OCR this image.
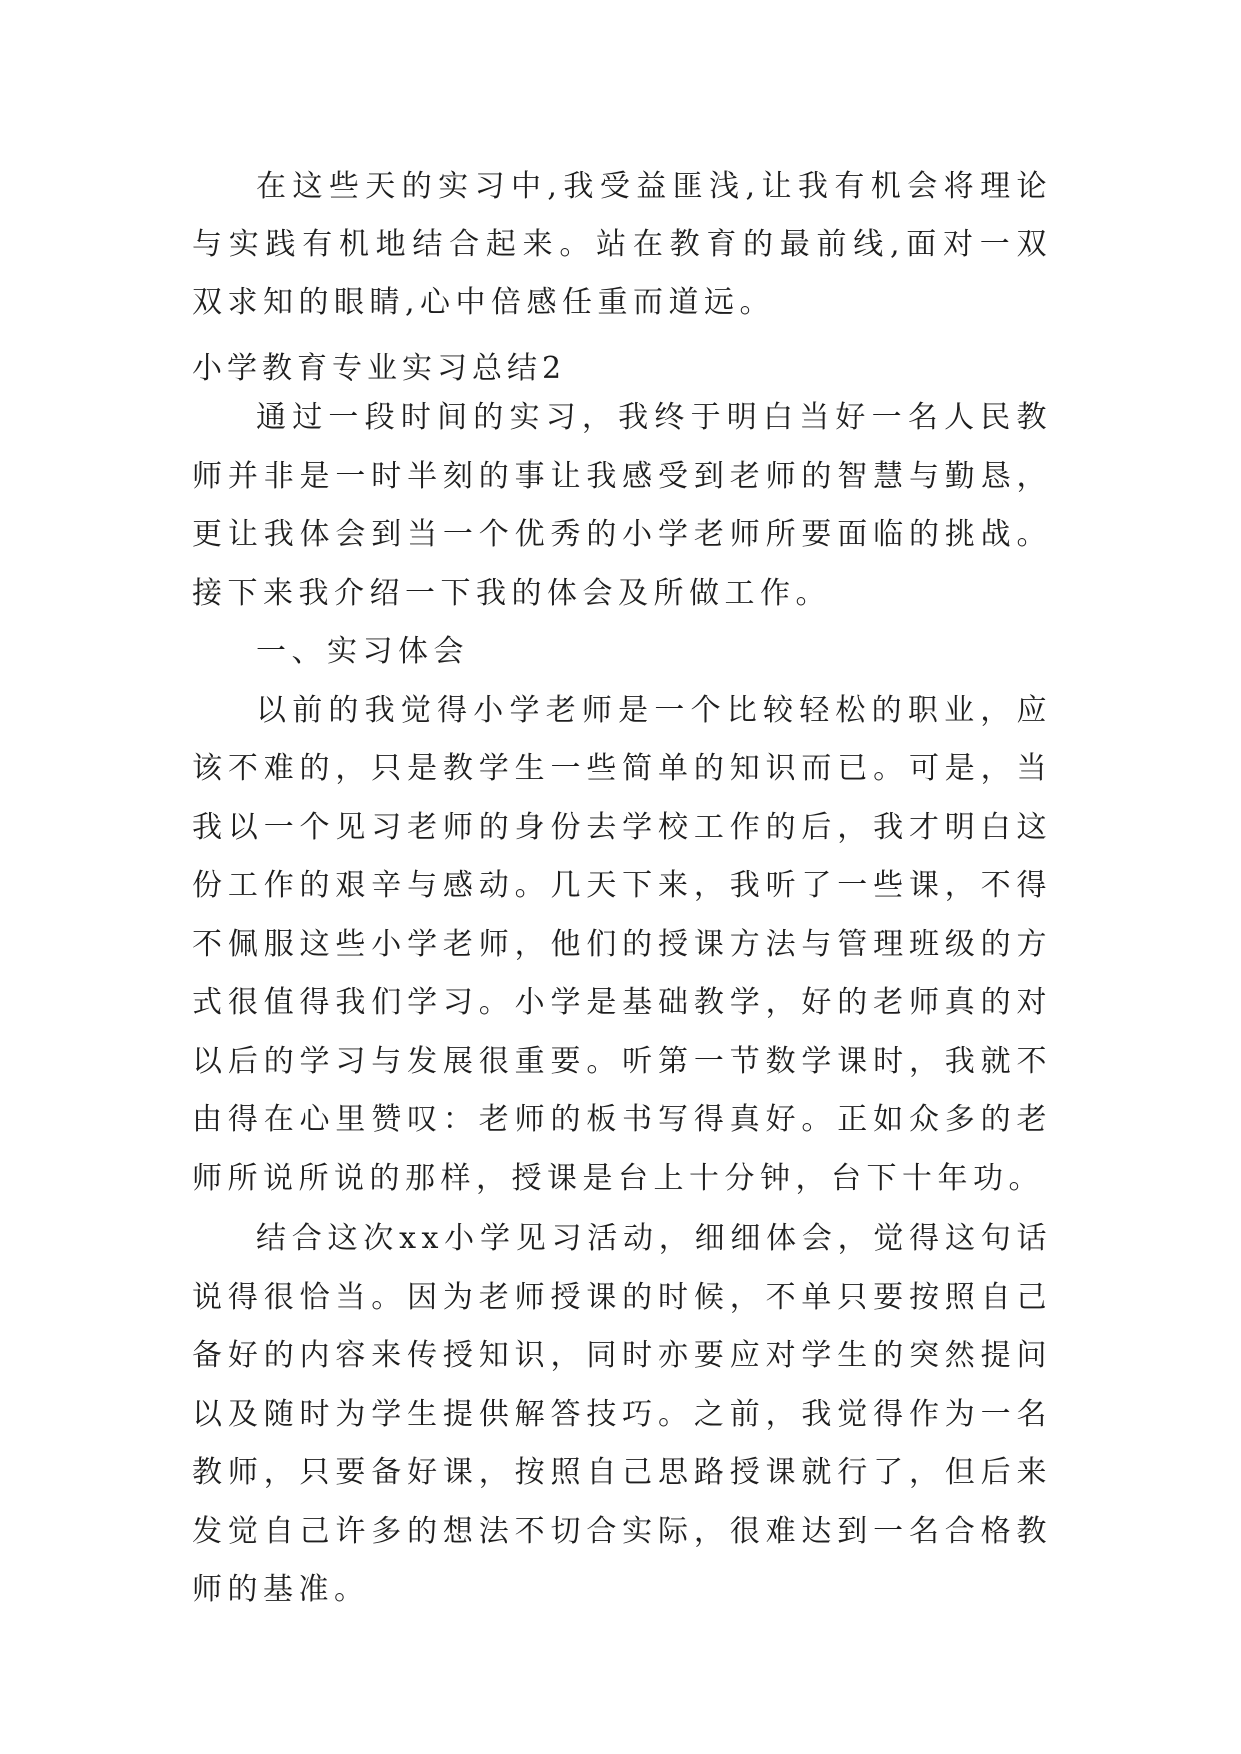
在这些天的实习中,我受益匪浅,让我有机会将理论与实践有机地结合起来。站在教育的最前线,面对一双双求知的眼睛,心中倍感任重而道远。

小学教育专业实习总结2

通过一段时间的实习，我终于明白当好一名人民教师并非是一时半刻的事让我感受到老师的智慧与勤恳，更让我体会到当一个优秀的小学老师所要面临的挑战。接下来我介绍一下我的体会及所做工作。

一、实习体会

以前的我觉得小学老师是一个比较轻松的职业，应该不难的，只是教学生一些简单的知识而已。可是，当我以一个见习老师的身份去学校工作的后，我才明白这份工作的艰辛与感动。几天下来，我听了一些课，不得不佩服这些小学老师，他们的授课方法与管理班级的方式很值得我们学习。小学是基础教学，好的老师真的对以后的学习与发展很重要。听第一节数学课时，我就不由得在心里赞叹：老师的板书写得真好。正如众多的老师所说所说的那样，授课是台上十分钟，台下十年功。

结合这次xx小学见习活动，细细体会，觉得这句话说得很恰当。因为老师授课的时候，不单只要按照自己备好的内容来传授知识，同时亦要应对学生的突然提问以及随时为学生提供解答技巧。之前，我觉得作为一名教师，只要备好课，按照自己思路授课就行了，但后来发觉自己许多的想法不切合实际，很难达到一名合格教师的基准。
